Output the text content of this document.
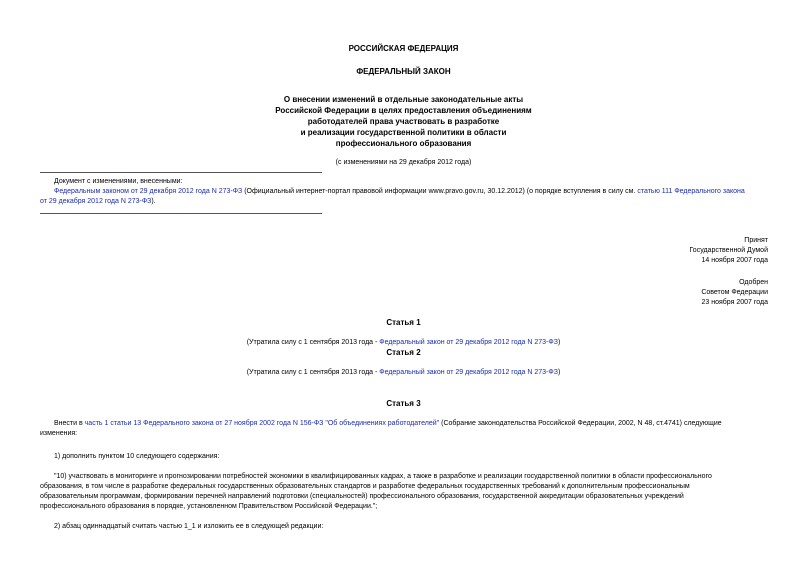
РОССИЙСКАЯ ФЕДЕРАЦИЯ
ФЕДЕРАЛЬНЫЙ ЗАКОН
О внесении изменений в отдельные законодательные акты
Российской Федерации в целях предоставления объединениям
работодателей права участвовать в разработке
и реализации государственной политики в области
профессионального образования
(с изменениями на 29 декабря 2012 года)
Документ с изменениями, внесенными:
Федеральным законом от 29 декабря 2012 года N 273-ФЗ (Официальный интернет-портал правовой информации www.pravo.gov.ru, 30.12.2012) (о порядке вступления в силу см. статью 111 Федерального закона
от 29 декабря 2012 года N 273-ФЗ).
Принят
Государственной Думой
14 ноября 2007 года
Одобрен
Советом Федерации
23 ноября 2007 года
Статья 1
(Утратила силу с 1 сентября 2013 года - Федеральный закон от 29 декабря 2012 года N 273-ФЗ)
Статья 2
(Утратила силу с 1 сентября 2013 года - Федеральный закон от 29 декабря 2012 года N 273-ФЗ)
Статья 3
Внести в часть 1 статьи 13 Федерального закона от 27 ноября 2002 года N 156-ФЗ "Об объединениях работодателей" (Собрание законодательства Российской Федерации, 2002, N 48, ст.4741) следующие
изменения:
1) дополнить пунктом 10 следующего содержания:
"10) участвовать в мониторинге и прогнозировании потребностей экономики в квалифицированных кадрах, а также в разработке и реализации государственной политики в области профессионального
образования, в том числе в разработке федеральных государственных образовательных стандартов и разработке федеральных государственных требований к дополнительным профессиональным
образовательным программам, формировании перечней направлений подготовки (специальностей) профессионального образования, государственной аккредитации образовательных учреждений
профессионального образования в порядке, установленном Правительством Российской Федерации.";
2) абзац одиннадцатый считать частью 1_1 и изложить ее в следующей редакции:
